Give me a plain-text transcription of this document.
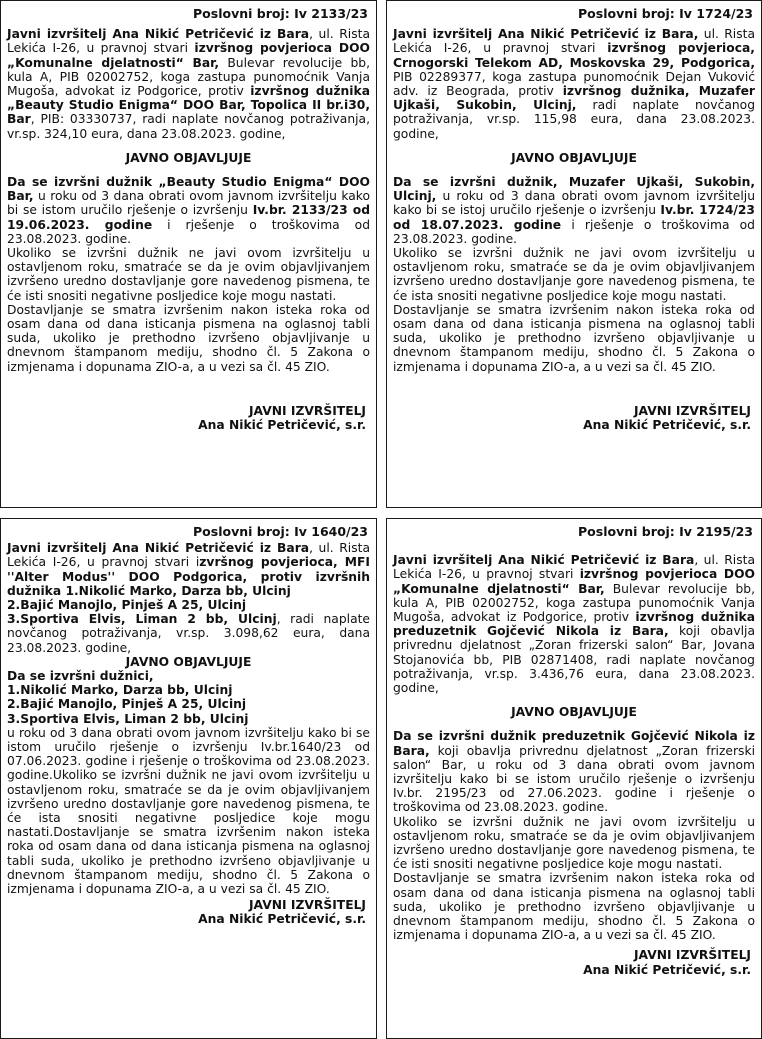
Poslovni broj: Iv 2133/23

Javni izvršitelj Ana Nikić Petričević iz Bara, ul. Rista Lekića I-26, u pravnoj stvari izvršnog povjerioca DOO „Komunalne djelatnosti“ Bar, Bulevar revolucije bb, kula A, PIB 02002752, koga zastupa punomoćnik Vanja Mugoša, advokat iz Podgorice, protiv izvršnog dužnika „Beauty Studio Enigma“ DOO Bar, Topolica II br.i30, Bar, PIB: 03330737, radi naplate novčanog potraživanja, vr.sp. 324,10 eura, dana 23.08.2023. godine,

JAVNO OBJAVLJUJE

Da se izvršni dužnik „Beauty Studio Enigma“ DOO Bar, u roku od 3 dana obrati ovom javnom izvršitelju kako bi se istom uručilo rješenje o izvršenju Iv.br. 2133/23 od 19.06.2023. godine i rješenje o troškovima od 23.08.2023. godine.

Ukoliko se izvršni dužnik ne javi ovom izvršitelju u ostavljenom roku, smatraće se da je ovim objavljivanjem izvršeno uredno dostavljanje gore navedenog pismena, te će isti snositi negativne posljedice koje mogu nastati.

Dostavljanje se smatra izvršenim nakon isteka roka od osam dana od dana isticanja pismena na oglasnoj tabli suda, ukoliko je prethodno izvršeno objavljivanje u dnevnom štampanom mediju, shodno čl. 5 Zakona o izmjenama i dopunama ZIO-a, a u vezi sa čl. 45 ZIO.

JAVNI IZVRŠITELJ

Ana Nikić Petričević, s.r.

Poslovni broj: Iv 1724/23

Javni izvršitelj Ana Nikić Petričević iz Bara, ul. Rista Lekića I-26, u pravnoj stvari izvršnog povjerioca, Crnogorski Telekom AD, Moskovska 29, Podgorica, PIB 02289377, koga zastupa punomoćnik Dejan Vuković adv. iz Beograda, protiv izvršnog dužnika, Muzafer Ujkaši, Sukobin, Ulcinj, radi naplate novčanog potraživanja, vr.sp. 115,98 eura, dana 23.08.2023. godine,

JAVNO OBJAVLJUJE

Da se izvršni dužnik, Muzafer Ujkaši, Sukobin, Ulcinj, u roku od 3 dana obrati ovom javnom izvršitelju kako bi se istoj uručilo rješenje o izvršenju Iv.br. 1724/23 od 18.07.2023. godine i rješenje o troškovima od 23.08.2023. godine.

Ukoliko se izvršni dužnik ne javi ovom izvršitelju u ostavljenom roku, smatraće se da je ovim objavljivanjem izvršeno uredno dostavljanje gore navedenog pismena, te će ista snositi negativne posljedice koje mogu nastati.

Dostavljanje se smatra izvršenim nakon isteka roka od osam dana od dana isticanja pismena na oglasnoj tabli suda, ukoliko je prethodno izvršeno objavljivanje u dnevnom štampanom mediju, shodno čl. 5 Zakona o izmjenama i dopunama ZIO-a, a u vezi sa čl. 45 ZIO.

JAVNI IZVRŠITELJ

Ana Nikić Petričević, s.r.

Poslovni broj: Iv 1640/23

Javni izvršitelj Ana Nikić Petričević iz Bara, ul. Rista Lekića I-26, u pravnoj stvari izvršnog povjerioca, MFI ''Alter Modus'' DOO Podgorica, protiv izvršnih dužnika 1.Nikolić Marko, Darza bb, Ulcinj

2.Bajić Manojlo, Pinješ A 25, Ulcinj

3.Sportiva Elvis, Liman 2 bb, Ulcinj, radi naplate novčanog potraživanja, vr.sp. 3.098,62 eura, dana 23.08.2023. godine,

JAVNO OBJAVLJUJE

Da se izvršni dužnici,

1.Nikolić Marko, Darza bb, Ulcinj

2.Bajić Manojlo, Pinješ A 25, Ulcinj

3.Sportiva Elvis, Liman 2 bb, Ulcinj

u roku od 3 dana obrati ovom javnom izvršitelju kako bi se istom uručilo rješenje o izvršenju Iv.br.1640/23 od 07.06.2023. godine i rješenje o troškovima od 23.08.2023. godine.Ukoliko se izvršni dužnik ne javi ovom izvršitelju u ostavljenom roku, smatraće se da je ovim objavljivanjem izvršeno uredno dostavljanje gore navedenog pismena, te će ista snositi negativne posljedice koje mogu nastati.Dostavljanje se smatra izvršenim nakon isteka roka od osam dana od dana isticanja pismena na oglasnoj tabli suda, ukoliko je prethodno izvršeno objavljivanje u dnevnom štampanom mediju, shodno čl. 5 Zakona o izmjenama i dopunama ZIO-a, a u vezi sa čl. 45 ZIO.

JAVNI IZVRŠITELJ

Ana Nikić Petričević, s.r.

Poslovni broj: Iv 2195/23

Javni izvršitelj Ana Nikić Petričević iz Bara, ul. Rista Lekića I-26, u pravnoj stvari izvršnog povjerioca DOO „Komunalne djelatnosti“ Bar, Bulevar revolucije bb, kula A, PIB 02002752, koga zastupa punomoćnik Vanja Mugoša, advokat iz Podgorice, protiv izvršnog dužnika preduzetnik Gojčević Nikola iz Bara, koji obavlja privrednu djelatnost „Zoran frizerski salon“ Bar, Jovana Stojanovića bb, PIB 02871408, radi naplate novčanog potraživanja, vr.sp. 3.436,76 eura, dana 23.08.2023. godine,

JAVNO OBJAVLJUJE

Da se izvršni dužnik preduzetnik Gojčević Nikola iz Bara, koji obavlja privrednu djelatnost „Zoran frizerski salon“ Bar, u roku od 3 dana obrati ovom javnom izvršitelju kako bi se istom uručilo rješenje o izvršenju Iv.br. 2195/23 od 27.06.2023. godine i rješenje o troškovima od 23.08.2023. godine.

Ukoliko se izvršni dužnik ne javi ovom izvršitelju u ostavljenom roku, smatraće se da je ovim objavljivanjem izvršeno uredno dostavljanje gore navedenog pismena, te će isti snositi negativne posljedice koje mogu nastati.

Dostavljanje se smatra izvršenim nakon isteka roka od osam dana od dana isticanja pismena na oglasnoj tabli suda, ukoliko je prethodno izvršeno objavljivanje u dnevnom štampanom mediju, shodno čl. 5 Zakona o izmjenama i dopunama ZIO-a, a u vezi sa čl. 45 ZIO.

JAVNI IZVRŠITELJ

Ana Nikić Petričević, s.r.
